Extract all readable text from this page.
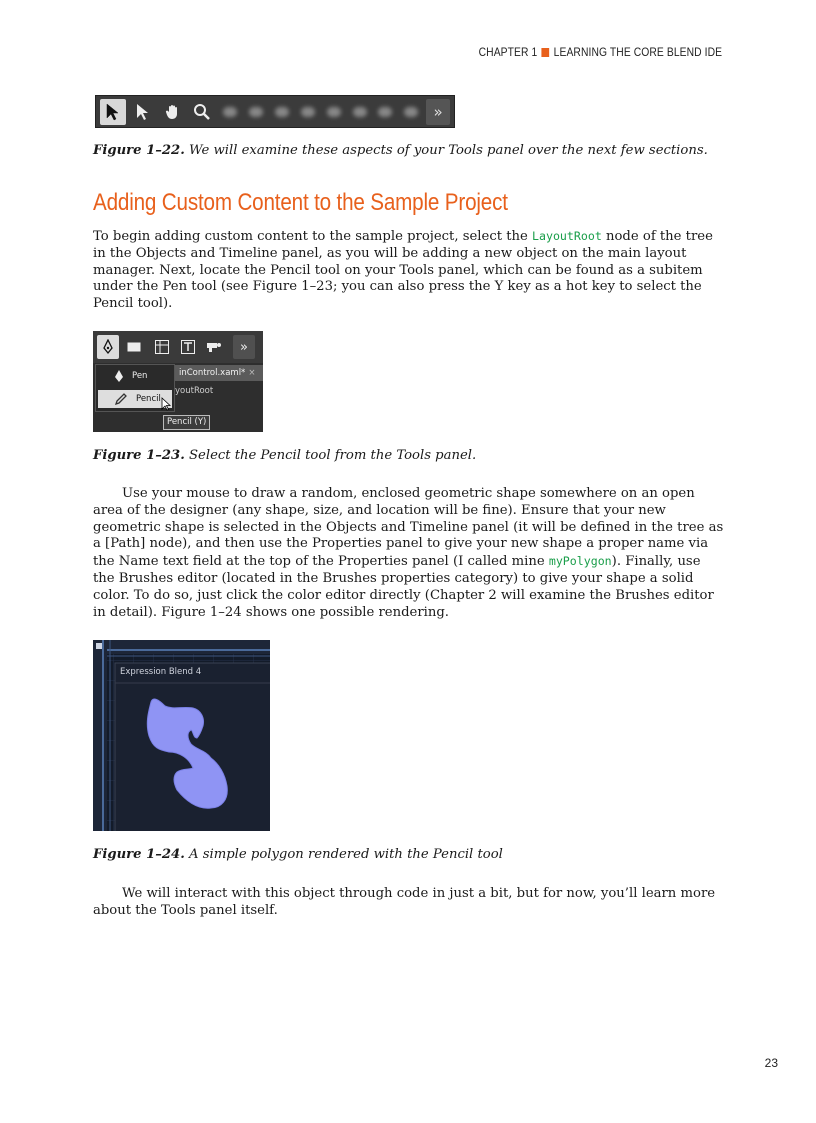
CHAPTER 1 LEARNING THE CORE BLEND IDE
»
Figure 1–22. We will examine these aspects of your Tools panel over the next few sections.
Adding Custom Content to the Sample Project

To begin adding custom content to the sample project, select the LayoutRoot node of the tree in the Objects and Timeline panel, as you will be adding a new object on the main layout manager. Next, locate the Pencil tool on your Tools panel, which can be found as a subitem under the Pen tool (see Figure 1–23; you can also press the Y key as a hot key to select the Pencil tool).

»
inControl.xaml* ×
youtRoot
Pen
Pencil
Pencil (Y)
Figure 1–23. Select the Pencil tool from the Tools panel.

Use your mouse to draw a random, enclosed geometric shape somewhere on an open area of the designer (any shape, size, and location will be fine). Ensure that your new geometric shape is selected in the Objects and Timeline panel (it will be defined in the tree as a [Path] node), and then use the Properties panel to give your new shape a proper name via the Name text field at the top of the Properties panel (I called mine myPolygon). Finally, use the Brushes editor (located in the Brushes properties category) to give your shape a solid color. To do so, just click the color editor directly (Chapter 2 will examine the Brushes editor in detail). Figure 1–24 shows one possible rendering.

Expression Blend 4
Figure 1–24. A simple polygon rendered with the Pencil tool

We will interact with this object through code in just a bit, but for now, you’ll learn more about the Tools panel itself.

23
